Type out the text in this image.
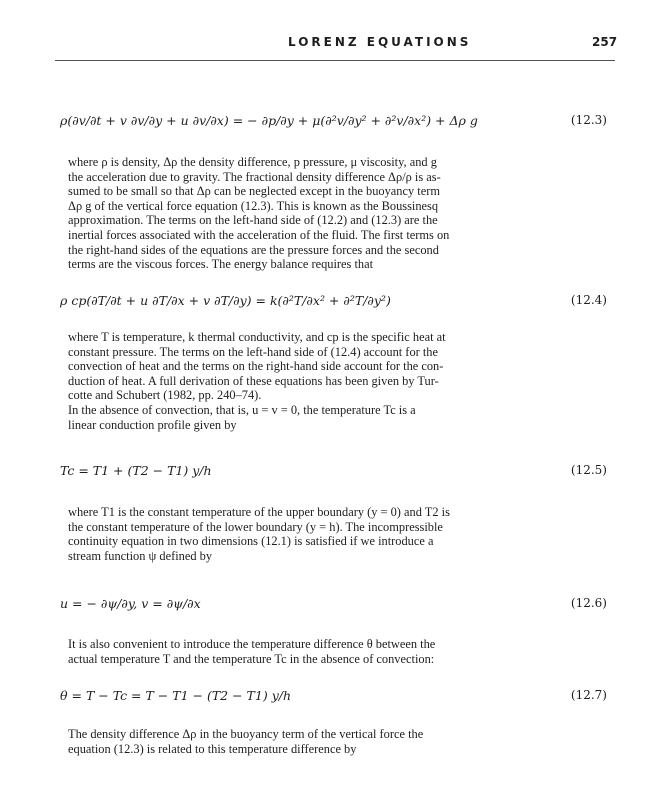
LORENZ EQUATIONS	257
ρ(∂v/∂t + v ∂v/∂y + u ∂v/∂x) = − ∂p/∂y + μ(∂²v/∂y² + ∂²v/∂x²) + Δρ g	(12.3)
where ρ is density, Δρ the density difference, p pressure, μ viscosity, and g
the acceleration due to gravity. The fractional density difference Δρ/ρ is as-
sumed to be small so that Δρ can be neglected except in the buoyancy term
Δρ g of the vertical force equation (12.3). This is known as the Boussinesq
approximation. The terms on the left-hand side of (12.2) and (12.3) are the
inertial forces associated with the acceleration of the fluid. The first terms on
the right-hand sides of the equations are the pressure forces and the second
terms are the viscous forces. The energy balance requires that
ρ cp(∂T/∂t + u ∂T/∂x + v ∂T/∂y) = k(∂²T/∂x² + ∂²T/∂y²)	(12.4)
where T is temperature, k thermal conductivity, and cp is the specific heat at
constant pressure. The terms on the left-hand side of (12.4) account for the
convection of heat and the terms on the right-hand side account for the con-
duction of heat. A full derivation of these equations has been given by Tur-
cotte and Schubert (1982, pp. 240–74).
In the absence of convection, that is, u = v = 0, the temperature Tc is a
linear conduction profile given by
Tc = T1 + (T2 − T1) y/h	(12.5)
where T1 is the constant temperature of the upper boundary (y = 0) and T2 is
the constant temperature of the lower boundary (y = h). The incompressible
continuity equation in two dimensions (12.1) is satisfied if we introduce a
stream function ψ defined by
u = − ∂ψ/∂y, v = ∂ψ/∂x	(12.6)
It is also convenient to introduce the temperature difference θ between the
actual temperature T and the temperature Tc in the absence of convection:
θ = T − Tc = T − T1 − (T2 − T1) y/h	(12.7)
The density difference Δρ in the buoyancy term of the vertical force the
equation (12.3) is related to this temperature difference by
